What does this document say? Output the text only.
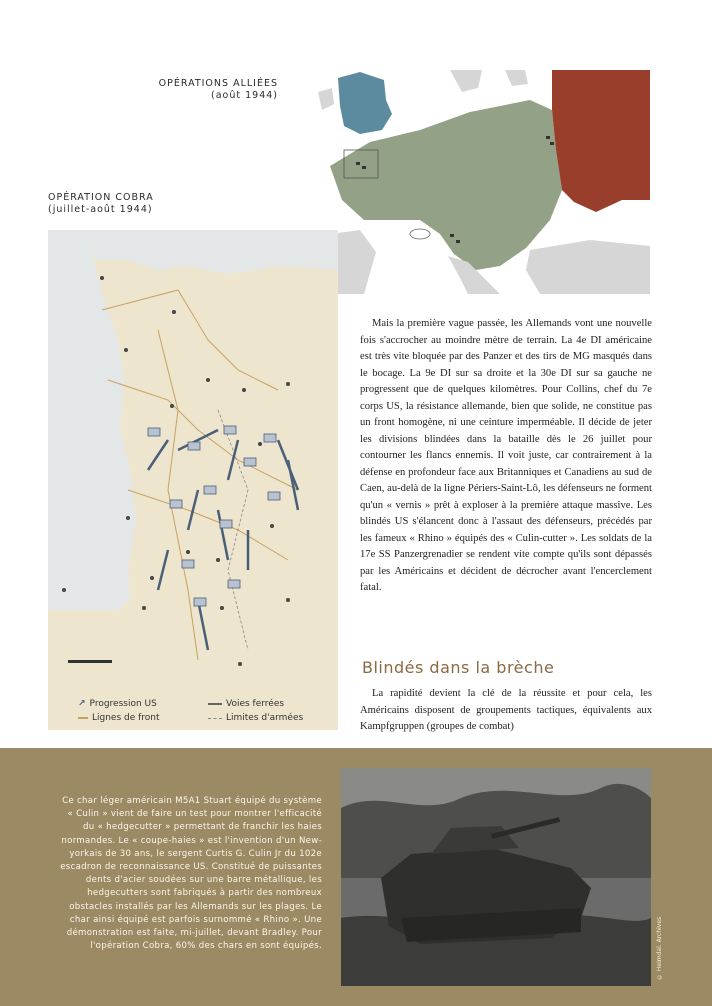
OPÉRATIONS ALLIÉES
(août 1944)
OPÉRATION COBRA
(juillet-août 1944)
↗ Progression US
Lignes de front
Voies ferrées
Limites d'armées

Mais la première vague passée, les Allemands vont une nouvelle fois s'accrocher au moindre mètre de terrain. La 4e DI américaine est très vite bloquée par des Panzer et des tirs de MG masqués dans le bocage. La 9e DI sur sa droite et la 30e DI sur sa gauche ne progressent que de quelques kilomètres. Pour Collins, chef du 7e corps US, la résistance allemande, bien que solide, ne constitue pas un front homogène, ni une ceinture imperméable. Il décide de jeter les divisions blindées dans la bataille dès le 26 juillet pour contourner les flancs ennemis. Il voit juste, car contrairement à la défense en profondeur face aux Britanniques et Canadiens au sud de Caen, au-delà de la ligne Périers-Saint-Lô, les défenseurs ne forment qu'un « vernis » prêt à exploser à la première attaque massive. Les blindés US s'élancent donc à l'assaut des défenseurs, précédés par les fameux « Rhino » équipés des « Culin-cutter ». Les soldats de la 17e SS Panzergrenadier se rendent vite compte qu'ils sont dépassés par les Américains et décident de décrocher avant l'encerclement fatal.

Blindés dans la brèche

La rapidité devient la clé de la réussite et pour cela, les Américains disposent de groupements tactiques, équivalents aux Kampfgruppen (groupes de combat)

Ce char léger américain M5A1 Stuart équipé du système « Culin » vient de faire un test pour montrer l'efficacité du « hedgecutter » permettant de franchir les haies normandes. Le « coupe-haies » est l'invention d'un New-yorkais de 30 ans, le sergent Curtis G. Culin Jr du 102e escadron de reconnaissance US. Constitué de puissantes dents d'acier soudées sur une barre métallique, les hedgecutters sont fabriqués à partir des nombreux obstacles installés par les Allemands sur les plages. Le char ainsi équipé est parfois surnommé « Rhino ». Une démonstration est faite, mi-juillet, devant Bradley. Pour l'opération Cobra, 60% des chars en sont équipés.	© Heimdal. Archives
